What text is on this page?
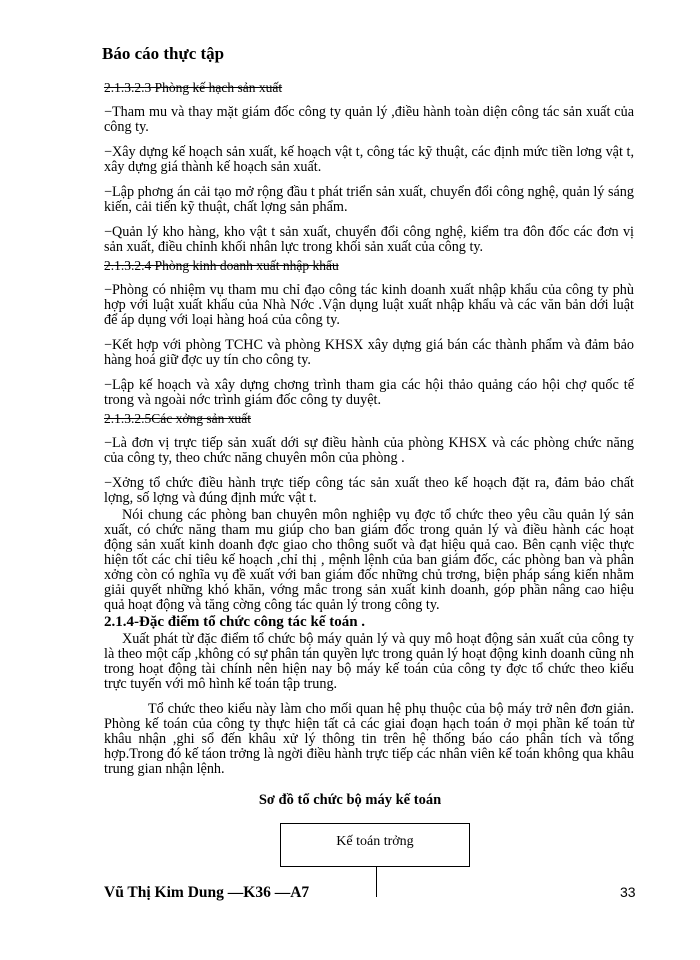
Báo cáo thực tập

2.1.3.2.3 Phòng kế hạch sản xuất

−Tham mu và thay mặt giám đốc công ty quản lý ,điều hành toàn diện công tác sản xuất của công ty.

−Xây dựng kế hoạch sản xuất, kế hoạch vật t, công tác kỹ thuật, các định mức tiền lơng vật t, xây dựng giá thành kế hoạch sản xuất.

−Lập phơng án cải tạo mở rộng đầu t phát triển sản xuất, chuyển đổi công nghệ, quản lý sáng kiến, cải tiến kỹ thuật, chất lợng sản phẩm.

−Quản lý kho hàng, kho vật t sản xuất, chuyển đổi công nghệ, kiểm tra đôn đốc các đơn vị sản xuất, điều chỉnh khối nhân lực trong khối sản xuất của công ty.

2.1.3.2.4 Phòng kinh doanh xuất nhập khẩu

−Phòng có nhiệm vụ tham mu chỉ đạo công tác kinh doanh xuất nhập khẩu của công ty phù hợp với luật xuất khẩu của Nhà Nớc .Vận dụng luật xuất nhập khẩu và các văn bản dới luật để áp dụng với loại hàng hoá của công ty.

−Kết hợp với phòng TCHC và phòng KHSX xây dựng giá bán các thành phẩm và đảm bảo hàng hoá giữ đợc uy tín cho công ty.

−Lập kế hoạch và xây dựng chơng trình tham gia các hội thảo quảng cáo hội chợ quốc tế trong và ngoài nớc trình giám đốc công ty duyệt.

2.1.3.2.5Các xởng sản xuất

−Là đơn vị trực tiếp sản xuất dới sự điều hành của phòng KHSX và các phòng chức năng của công ty, theo chức năng chuyên môn của phòng .

−Xởng tổ chức điều hành trực tiếp công tác sản xuất theo kế hoạch đặt ra, đảm bảo chất lợng, số lợng và đúng định mức vật t.

Nói chung các phòng ban chuyên môn nghiệp vụ đợc tổ chức theo yêu cầu quản lý sản xuất, có chức năng tham mu giúp cho ban giám đốc trong quản lý và điều hành các hoạt động sản xuất kinh doanh đợc giao cho thông suốt và đạt hiệu quả cao. Bên cạnh việc thực hiện tốt các chỉ tiêu kế hoạch ,chỉ thị , mệnh lệnh của ban giám đốc, các phòng ban và phân xởng còn có nghĩa vụ đề xuất với ban giám đốc những chủ trơng, biện pháp sáng kiến nhằm giải quyết những khó khăn, vớng mắc trong sản xuất kinh doanh, góp phần nâng cao hiệu quả hoạt động và tăng cờng công tác quản lý trong công ty.

2.1.4-Đặc điểm tổ chức công tác kế toán .

Xuất phát từ đặc điểm tổ chức bộ máy quản lý và quy mô hoạt động sản xuất của công ty là theo một cấp ,không có sự phân tán quyền lực trong quản lý hoạt động kinh doanh cũng nh trong hoạt động tài chính nên hiện nay bộ máy kế toán của công ty đợc tổ chức theo kiểu trực tuyến với mô hình kế toán tập trung.

Tổ chức theo kiểu này làm cho mối quan hệ phụ thuộc của bộ máy trở nên đơn giản. Phòng kế toán của công ty thực hiện tất cả các giai đoạn hạch toán ở mọi phần kế toán từ khâu nhận ,ghi sổ đến khâu xử lý thông tin trên hệ thống báo cáo phân tích và tổng hợp.Trong đó kế táon trởng là ngời điều hành trực tiếp các nhân viên kế toán không qua khâu trung gian nhận lệnh.

Sơ đồ tổ chức bộ máy kế toán
Kế toán trởng
Vũ Thị Kim Dung —K36 —A7	33
